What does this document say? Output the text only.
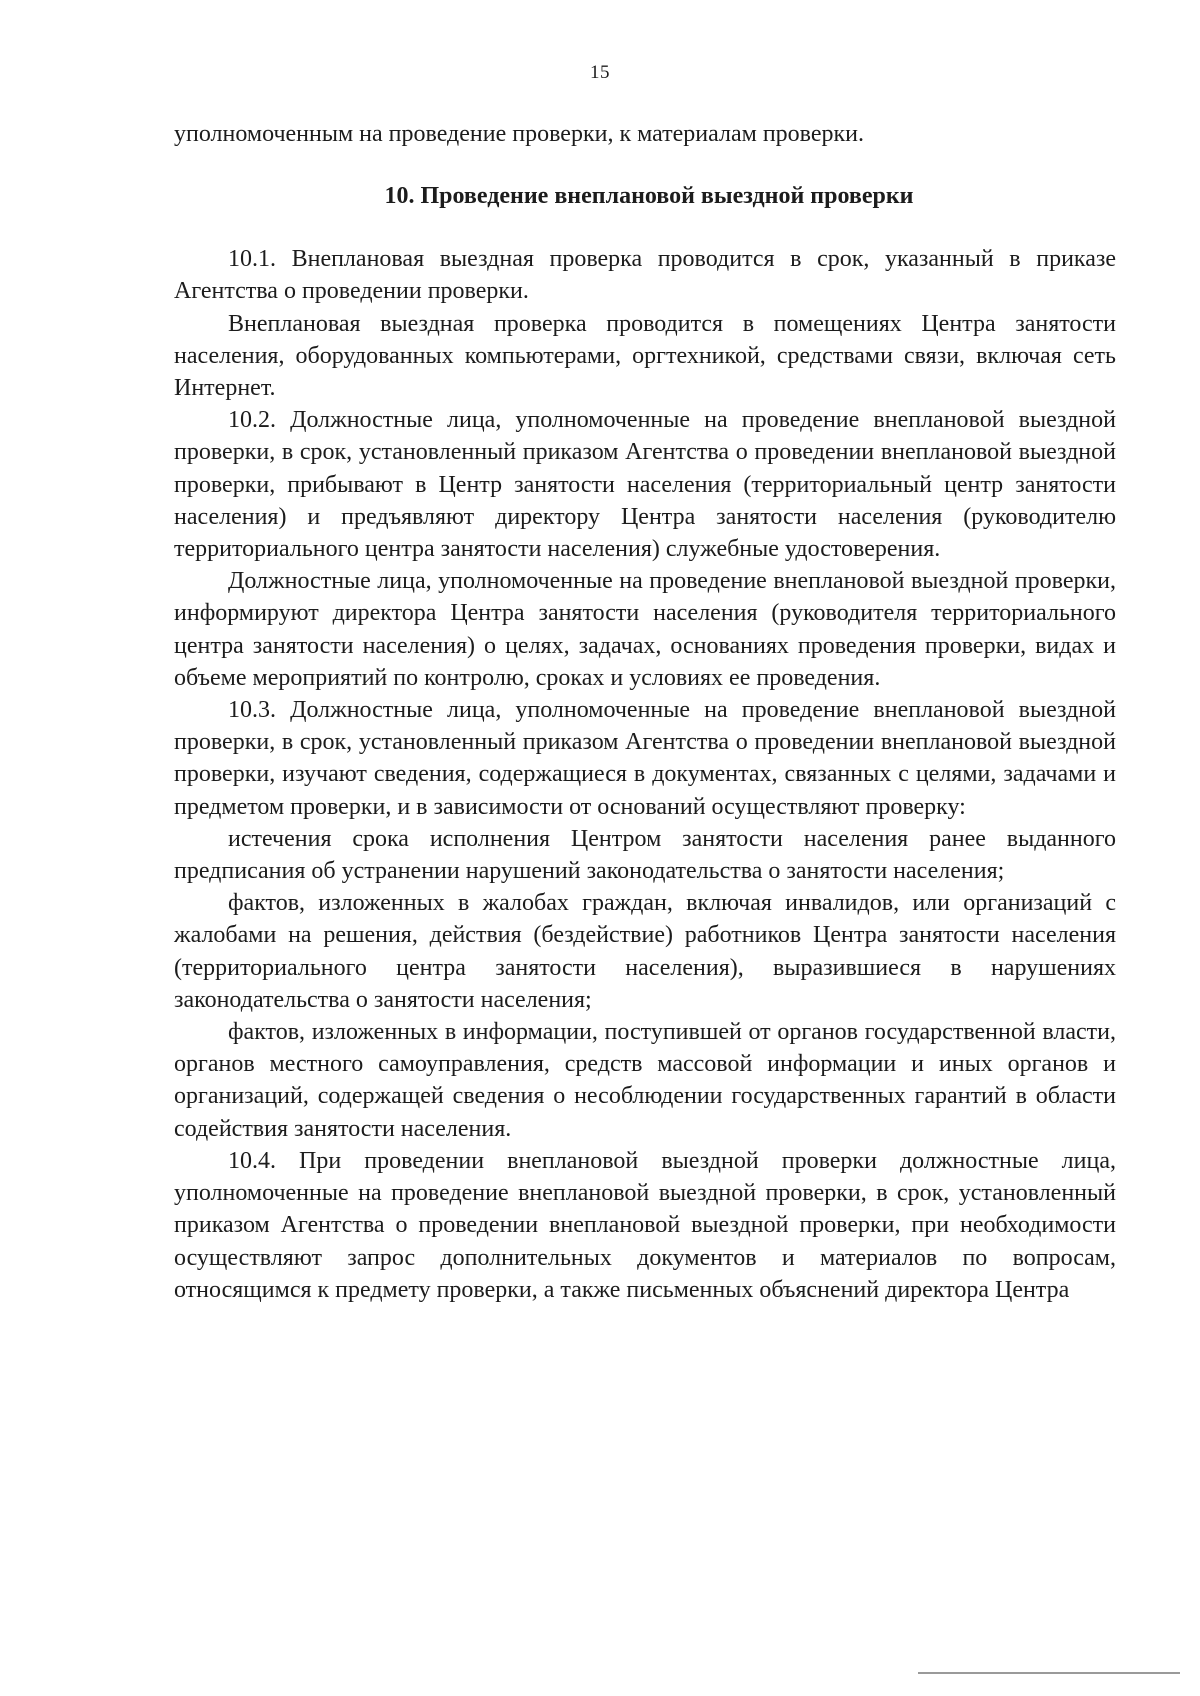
15

уполномоченным на проведение проверки, к материалам проверки.

10. Проведение внеплановой выездной проверки

10.1. Внеплановая выездная проверка проводится в срок, указанный в приказе Агентства о проведении проверки.

Внеплановая выездная проверка проводится в помещениях Центра занятости населения, оборудованных компьютерами, оргтехникой, средствами связи, включая сеть Интернет.

10.2. Должностные лица, уполномоченные на проведение внеплановой выездной проверки, в срок, установленный приказом Агентства о проведении внеплановой выездной проверки, прибывают в Центр занятости населения (территориальный центр занятости населения) и предъявляют директору Центра занятости населения (руководителю территориального центра занятости населения) служебные удостоверения.

Должностные лица, уполномоченные на проведение внеплановой выездной проверки, информируют директора Центра занятости населения (руководителя территориального центра занятости населения) о целях, задачах, основаниях проведения проверки, видах и объеме мероприятий по контролю, сроках и условиях ее проведения.

10.3. Должностные лица, уполномоченные на проведение внеплановой выездной проверки, в срок, установленный приказом Агентства о проведении внеплановой выездной проверки, изучают сведения, содержащиеся в документах, связанных с целями, задачами и предметом проверки, и в зависимости от оснований осуществляют проверку:

истечения срока исполнения Центром занятости населения ранее выданного предписания об устранении нарушений законодательства о занятости населения;

фактов, изложенных в жалобах граждан, включая инвалидов, или организаций с жалобами на решения, действия (бездействие) работников Центра занятости населения (территориального центра занятости населения), выразившиеся в нарушениях законодательства о занятости населения;

фактов, изложенных в информации, поступившей от органов государственной власти, органов местного самоуправления, средств массовой информации и иных органов и организаций, содержащей сведения о несоблюдении государственных гарантий в области содействия занятости населения.

10.4. При проведении внеплановой выездной проверки должностные лица, уполномоченные на проведение внеплановой выездной проверки, в срок, установленный приказом Агентства о проведении внеплановой выездной проверки, при необходимости осуществляют запрос дополнительных документов и материалов по вопросам, относящимся к предмету проверки, а также письменных объяснений директора Центра
